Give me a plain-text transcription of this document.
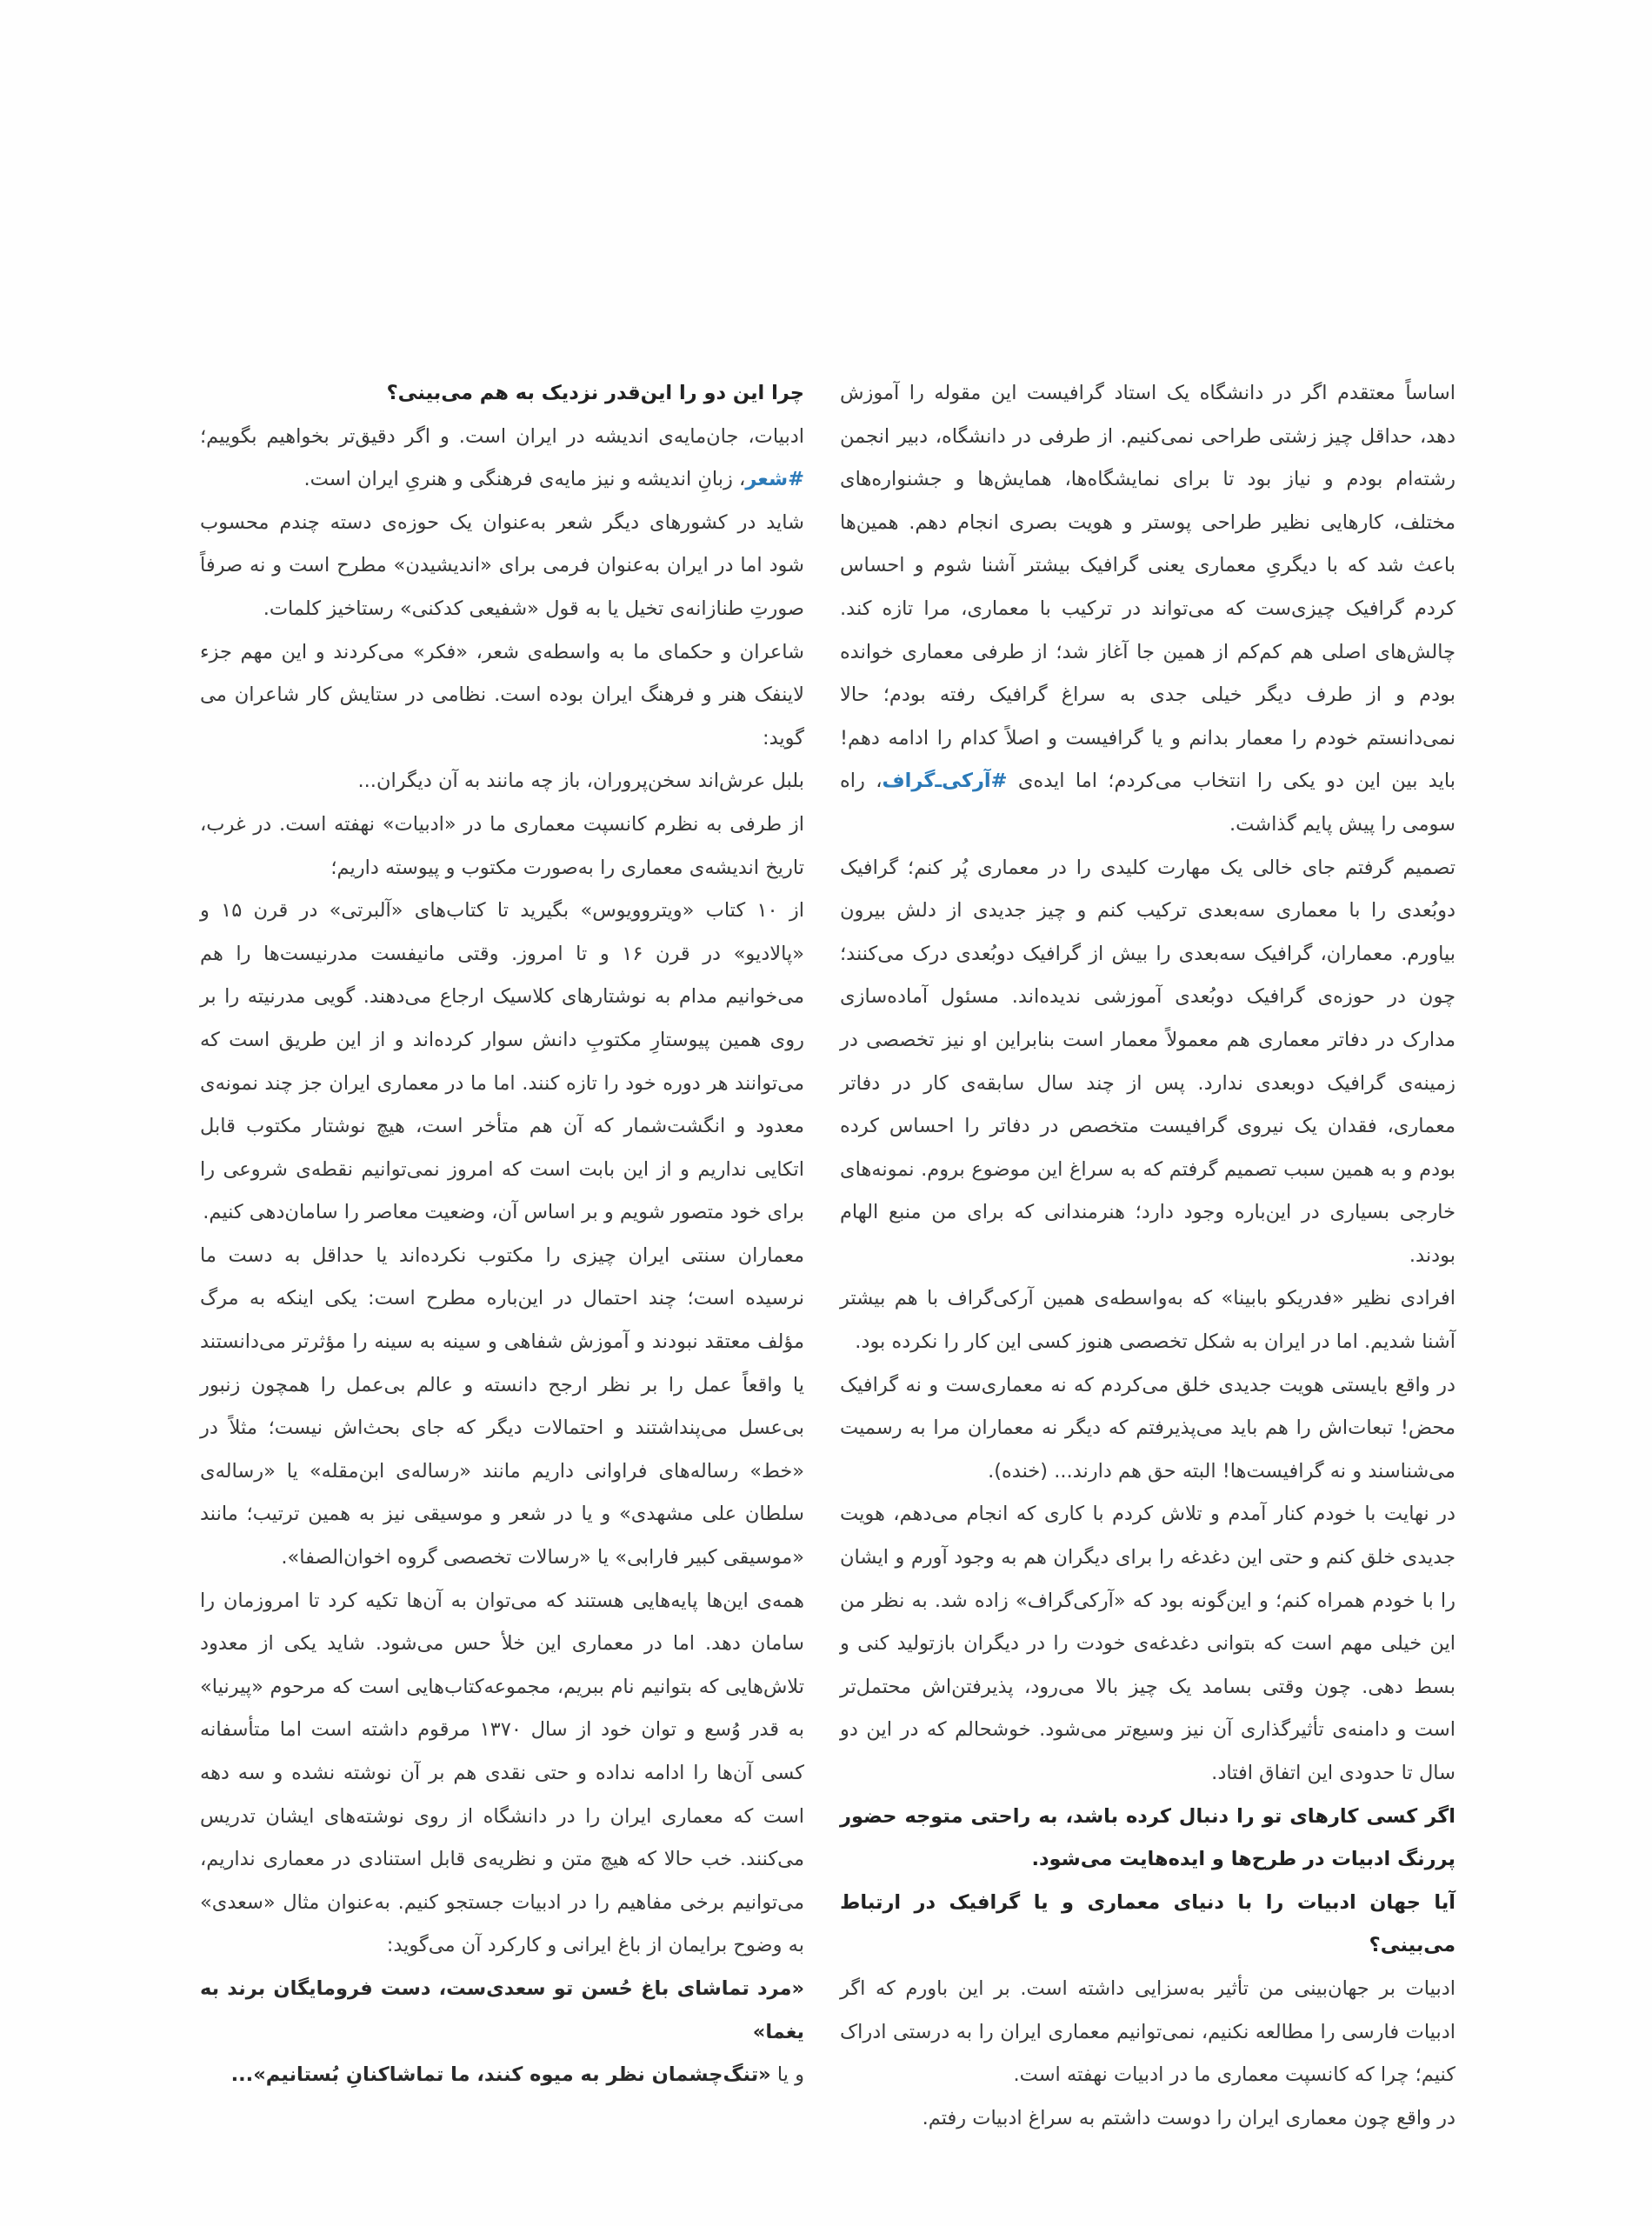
اساساً معتقدم اگر در دانشگاه یک استاد گرافیست این مقوله را آموزش دهد، حداقل چیز زشتی طراحی نمی‌کنیم. از طرفی در دانشگاه، دبیر انجمن رشته‌ام بودم و نیاز بود تا برای نمایشگاه‌ها، همایش‌ها و جشنواره‌های مختلف، کارهایی نظیر طراحی پوستر و هویت بصری انجام دهم. همین‌ها باعث شد که با دیگریِ معماری یعنی گرافیک بیشتر آشنا شوم و احساس کردم گرافیک چیزی‌ست که می‌تواند در ترکیب با معماری، مرا تازه کند. چالش‌های اصلی هم کم‌کم از همین جا آغاز شد؛ از طرفی معماری خوانده بودم و از طرف دیگر خیلی جدی به سراغ گرافیک رفته بودم؛ حالا نمی‌دانستم خودم را معمار بدانم و یا گرافیست و اصلاً کدام را ادامه دهم! باید بین این دو یکی را انتخاب می‌کردم؛ اما ایده‌ی #آرکی‌ـ‌گراف، راه سومی را پیش پایم گذاشت.

تصمیم گرفتم جای خالی یک مهارت کلیدی را در معماری پُر کنم؛ گرافیک دوبُعدی را با معماری سه‌بعدی ترکیب کنم و چیز جدیدی از دلش بیرون بیاورم. معماران، گرافیک سه‌بعدی را بیش از گرافیک دوبُعدی درک می‌کنند؛ چون در حوزه‌ی گرافیک دوبُعدی آموزشی ندیده‌اند. مسئول آماده‌سازی مدارک در دفاتر معماری هم معمولاً معمار است بنابراین او نیز تخصصی در زمینه‌ی گرافیک دوبعدی ندارد. پس از چند سال سابقه‌ی کار در دفاتر معماری، فقدان یک نیروی گرافیست متخصص در دفاتر را احساس کرده بودم و به همین سبب تصمیم گرفتم که به سراغ این موضوع بروم. نمونه‌های خارجی بسیاری در این‌باره وجود دارد؛ هنرمندانی که برای من منبع الهام بودند.

افرادی نظیر «فدریکو بابینا» که به‌واسطه‌ی همین آرکی‌گراف با هم بیشتر آشنا شدیم. اما در ایران به شکل تخصصی هنوز کسی این کار را نکرده بود.

در واقع بایستی هویت جدیدی خلق می‌کردم که نه معماری‌ست و نه گرافیک محض! تبعات‌اش را هم باید می‌پذیرفتم که دیگر نه معماران مرا به رسمیت می‌شناسند و نه گرافیست‌ها! البته حق هم دارند... (خنده).

در نهایت با خودم کنار آمدم و تلاش کردم با کاری که انجام می‌دهم، هویت جدیدی خلق کنم و حتی این دغدغه را برای دیگران هم به وجود آورم و ایشان را با خودم همراه کنم؛ و این‌گونه بود که «آرکی‌گراف» زاده شد. به نظر من این خیلی مهم است که بتوانی دغدغه‌ی خودت را در دیگران بازتولید کنی و بسط دهی. چون وقتی بسامد یک چیز بالا می‌رود، پذیرفتن‌اش محتمل‌تر است و دامنه‌ی تأثیرگذاری آن نیز وسیع‌تر می‌شود. خوشحالم که در این دو سال تا حدودی این اتفاق افتاد.

اگر کسی کارهای تو را دنبال کرده باشد، به راحتی متوجه حضور پررنگ ادبیات در طرح‌ها و ایده‌هایت می‌شود.

آیا جهان ادبیات را با دنیای معماری و یا گرافیک در ارتباط می‌بینی؟

ادبیات بر جهان‌بینی من تأثیر به‌سزایی داشته است. بر این باورم که اگر ادبیات فارسی را مطالعه نکنیم، نمی‌توانیم معماری ایران را به درستی ادراک کنیم؛ چرا که کانسپت معماری ما در ادبیات نهفته است.

در واقع چون معماری ایران را دوست داشتم به سراغ ادبیات رفتم.

چرا این دو را این‌قدر نزدیک به هم می‌بینی؟

ادبیات، جان‌مایه‌ی اندیشه در ایران است. و اگر دقیق‌تر بخواهیم بگوییم؛ #شعر، زبانِ اندیشه و نیز مایه‌ی فرهنگی و هنریِ ایران است.

شاید در کشورهای دیگر شعر به‌عنوان یک حوزه‌ی دسته چندم محسوب شود اما در ایران به‌عنوان فرمی برای «اندیشیدن» مطرح است و نه صرفاً صورتِ طنازانه‌ی تخیل یا به قول «شفیعی کدکنی» رستاخیز کلمات.

شاعران و حکمای ما به واسطه‌ی شعر، «فکر» می‌کردند و این مهم جزء لاینفک هنر و فرهنگ ایران بوده است. نظامی در ستایش کار شاعران می گوید:

بلبل عرش‌اند سخن‌پروران، باز چه مانند به آن دیگران...

از طرفی به نظرم کانسپت معماری ما در «ادبیات» نهفته است. در غرب، تاریخ اندیشه‌ی معماری را به‌صورت مکتوب و پیوسته داریم؛

از ۱۰ کتاب «ویتروویوس» بگیرید تا کتاب‌های «آلبرتی» در قرن ۱۵ و «پالادیو» در قرن ۱۶ و تا امروز. وقتی مانیفست مدرنیست‌ها را هم می‌خوانیم مدام به نوشتارهای کلاسیک ارجاع می‌دهند. گویی مدرنیته را بر روی همین پیوستارِ مکتوبِ دانش سوار کرده‌اند و از این طریق است که می‌توانند هر دوره خود را تازه کنند. اما ما در معماری ایران جز چند نمونه‌ی معدود و انگشت‌شمار که آن هم متأخر است، هیچ نوشتار مکتوب قابل اتکایی نداریم و از این بابت است که امروز نمی‌توانیم نقطه‌ی شروعی را برای خود متصور شویم و بر اساس آن، وضعیت معاصر را سامان‌دهی کنیم.

معماران سنتی ایران چیزی را مکتوب نکرده‌اند یا حداقل به دست ما نرسیده است؛ چند احتمال در این‌باره مطرح است: یکی اینکه به مرگ مؤلف معتقد نبودند و آموزش شفاهی و سینه به سینه را مؤثرتر می‌دانستند یا واقعاً عمل را بر نظر ارجح دانسته و عالم بی‌عمل را همچون زنبور بی‌عسل می‌پنداشتند و احتمالات دیگر که جای بحث‌اش نیست؛ مثلاً در «خط» رساله‌های فراوانی داریم مانند «رساله‌ی ابن‌مقله» یا «رساله‌ی سلطان علی مشهدی» و یا در شعر و موسیقی نیز به همین ترتیب؛ مانند «موسیقی کبیر فارابی» یا «رسالات تخصصی گروه اخوان‌الصفا».

همه‌ی این‌ها پایه‌هایی هستند که می‌توان به آن‌ها تکیه کرد تا امروزمان را سامان دهد. اما در معماری این خلأ حس می‌شود. شاید یکی از معدود تلاش‌هایی که بتوانیم نام ببریم، مجموعه‌کتاب‌هایی است که مرحوم «پیرنیا» به قدر وُسع و توان خود از سال ۱۳۷۰ مرقوم داشته است اما متأسفانه کسی آن‌ها را ادامه نداده و حتی نقدی هم بر آن نوشته نشده و سه دهه است که معماری ایران را در دانشگاه از روی نوشته‌های ایشان تدریس می‌کنند. خب حالا که هیچ متن و نظریه‌ی قابل استنادی در معماری نداریم، می‌توانیم برخی مفاهیم را در ادبیات جستجو کنیم. به‌عنوان مثال «سعدی» به وضوح برایمان از باغ ایرانی و کارکرد آن می‌گوید:

«مرد تماشای باغ حُسن تو سعدی‌ست، دست فرومایگان برند به یغما»

و یا «تنگ‌چشمان نظر به میوه کنند، ما تماشاکنانِ بُستانیم»...
